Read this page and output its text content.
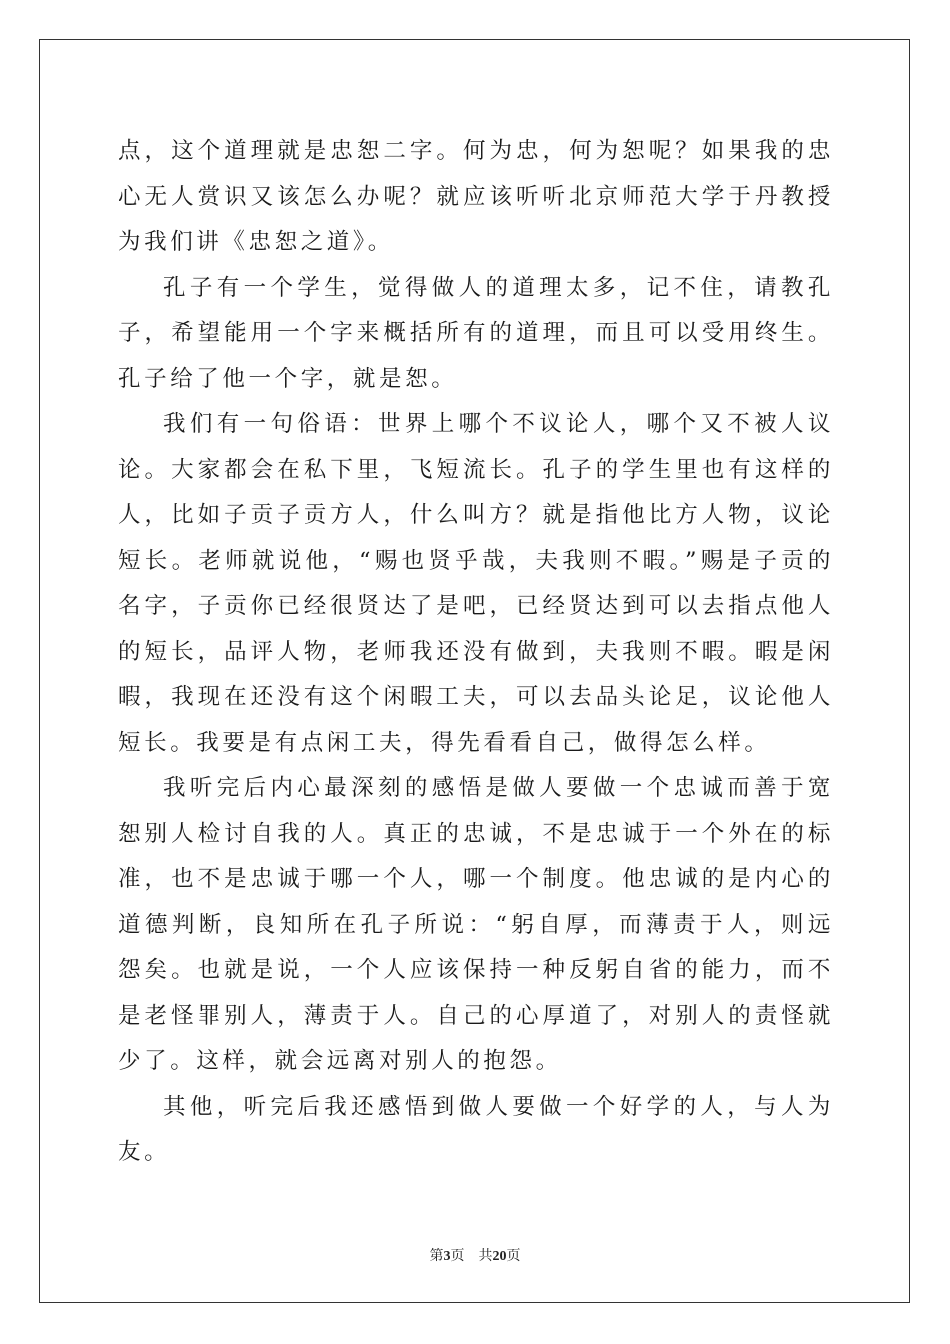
点，这个道理就是忠恕二字。何为忠，何为恕呢？如果我的忠心无人赏识又该怎么办呢？就应该听听北京师范大学于丹教授为我们讲《忠恕之道》。

孔子有一个学生，觉得做人的道理太多，记不住，请教孔子，希望能用一个字来概括所有的道理，而且可以受用终生。孔子给了他一个字，就是恕。

我们有一句俗语：世界上哪个不议论人，哪个又不被人议论。大家都会在私下里，飞短流长。孔子的学生里也有这样的人，比如子贡子贡方人，什么叫方？就是指他比方人物，议论短长。老师就说他，“赐也贤乎哉，夫我则不暇。”赐是子贡的名字，子贡你已经很贤达了是吧，已经贤达到可以去指点他人的短长，品评人物，老师我还没有做到，夫我则不暇。暇是闲暇，我现在还没有这个闲暇工夫，可以去品头论足，议论他人短长。我要是有点闲工夫，得先看看自己，做得怎么样。

我听完后内心最深刻的感悟是做人要做一个忠诚而善于宽恕别人检讨自我的人。真正的忠诚，不是忠诚于一个外在的标准，也不是忠诚于哪一个人，哪一个制度。他忠诚的是内心的道德判断，良知所在孔子所说：“躬自厚，而薄责于人，则远怨矣。也就是说，一个人应该保持一种反躬自省的能力，而不是老怪罪别人，薄责于人。自己的心厚道了，对别人的责怪就少了。这样，就会远离对别人的抱怨。

其他，听完后我还感悟到做人要做一个好学的人，与人为友。

第3页 共20页
